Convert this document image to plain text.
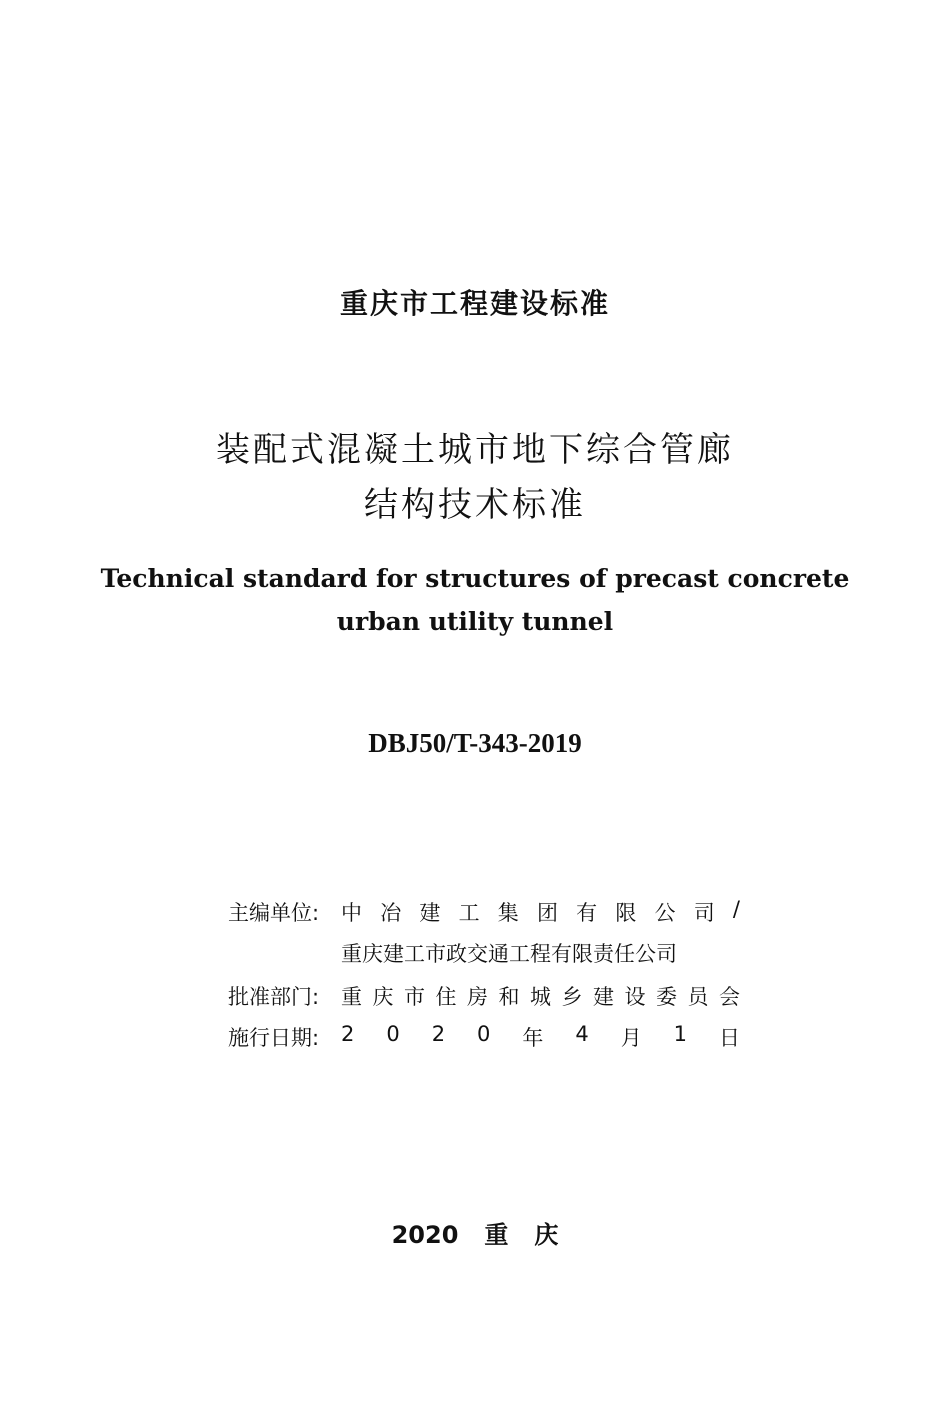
重庆市工程建设标准
装配式混凝土城市地下综合管廊
结构技术标准
Technical standard for structures of precast concrete
urban utility tunnel
DBJ50/T-343-2019
主编单位: 中 冶 建 工 集 团 有 限 公 司 /
重庆建工市政交通工程有限责任公司
批准部门: 重 庆 市 住 房 和 城 乡 建 设 委 员 会
施行日期: 2 0 2 0 年 4 月 1 日
2020 重 庆
